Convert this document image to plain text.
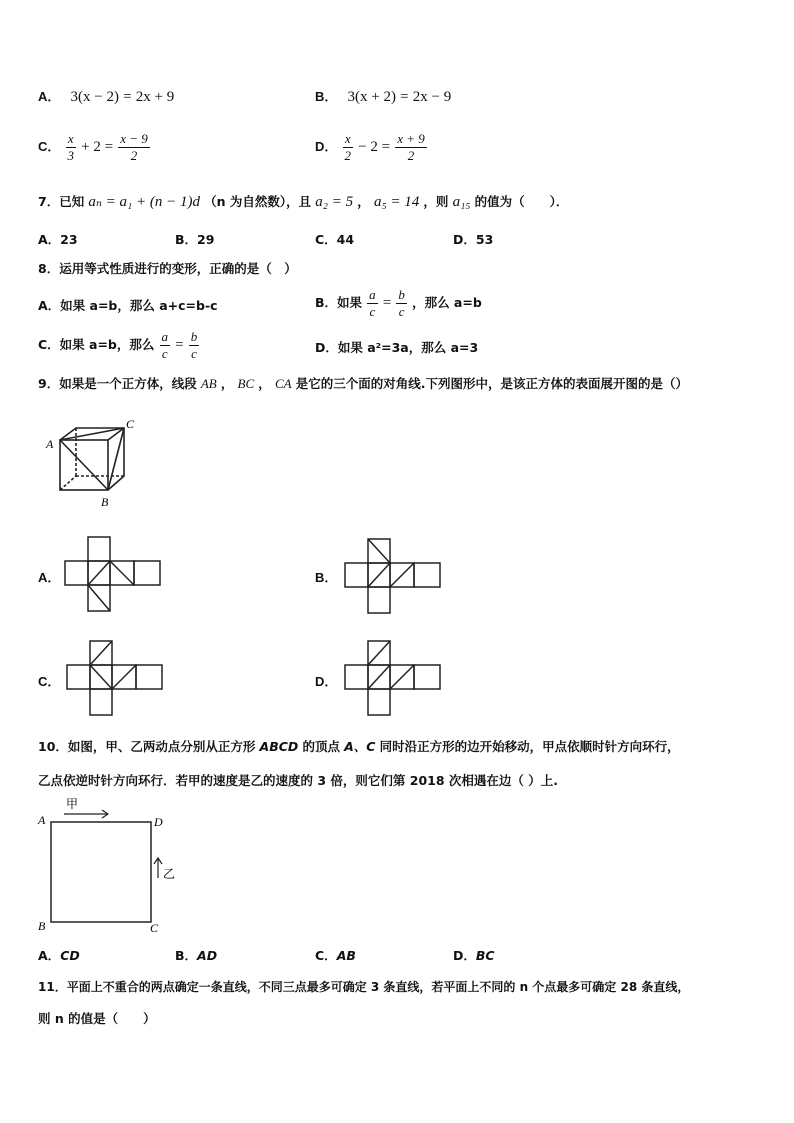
A． 3(x − 2) = 2x + 9	B． 3(x + 2) = 2x − 9
C． $\frac{x}{3} + 2 = \frac{x - 9}{2}$	D． $\frac{x}{2} - 2 = \frac{x + 9}{2}$
7．已知 aₙ = a₁ + (n − 1)d （n 为自然数），且 a₂ = 5 ， a₅ = 14 ，则 a₁₅ 的值为（　　）．
A．23	B．29	C．44	D．53
8．运用等式性质进行的变形，正确的是（　）
A．如果 a=b，那么 a+c=b-c	B．如果 $\frac{a}{c} = \frac{b}{c}$ ，那么 a=b
C．如果 a=b，那么 $\frac{a}{c} = \frac{b}{c}$	D．如果 a²=3a，那么 a=3
9．如果是一个正方体，线段 AB ， BC ， CA 是它的三个面的对角线.下列图形中，是该正方体的表面展开图的是（）
A
C
B
A．	B．
C．	D．
10．如图，甲、乙两动点分别从正方形 ABCD 的顶点 A、C 同时沿正方形的边开始移动，甲点依顺时针方向环行，
乙点依逆时针方向环行．若甲的速度是乙的速度的 3 倍，则它们第 2018 次相遇在边（ ）上.
A	D
B	C
甲
乙
A．CD	B．AD	C．AB	D．BC
11．平面上不重合的两点确定一条直线，不同三点最多可确定 3 条直线，若平面上不同的 n 个点最多可确定 28 条直线，
则 n 的值是（　　）
